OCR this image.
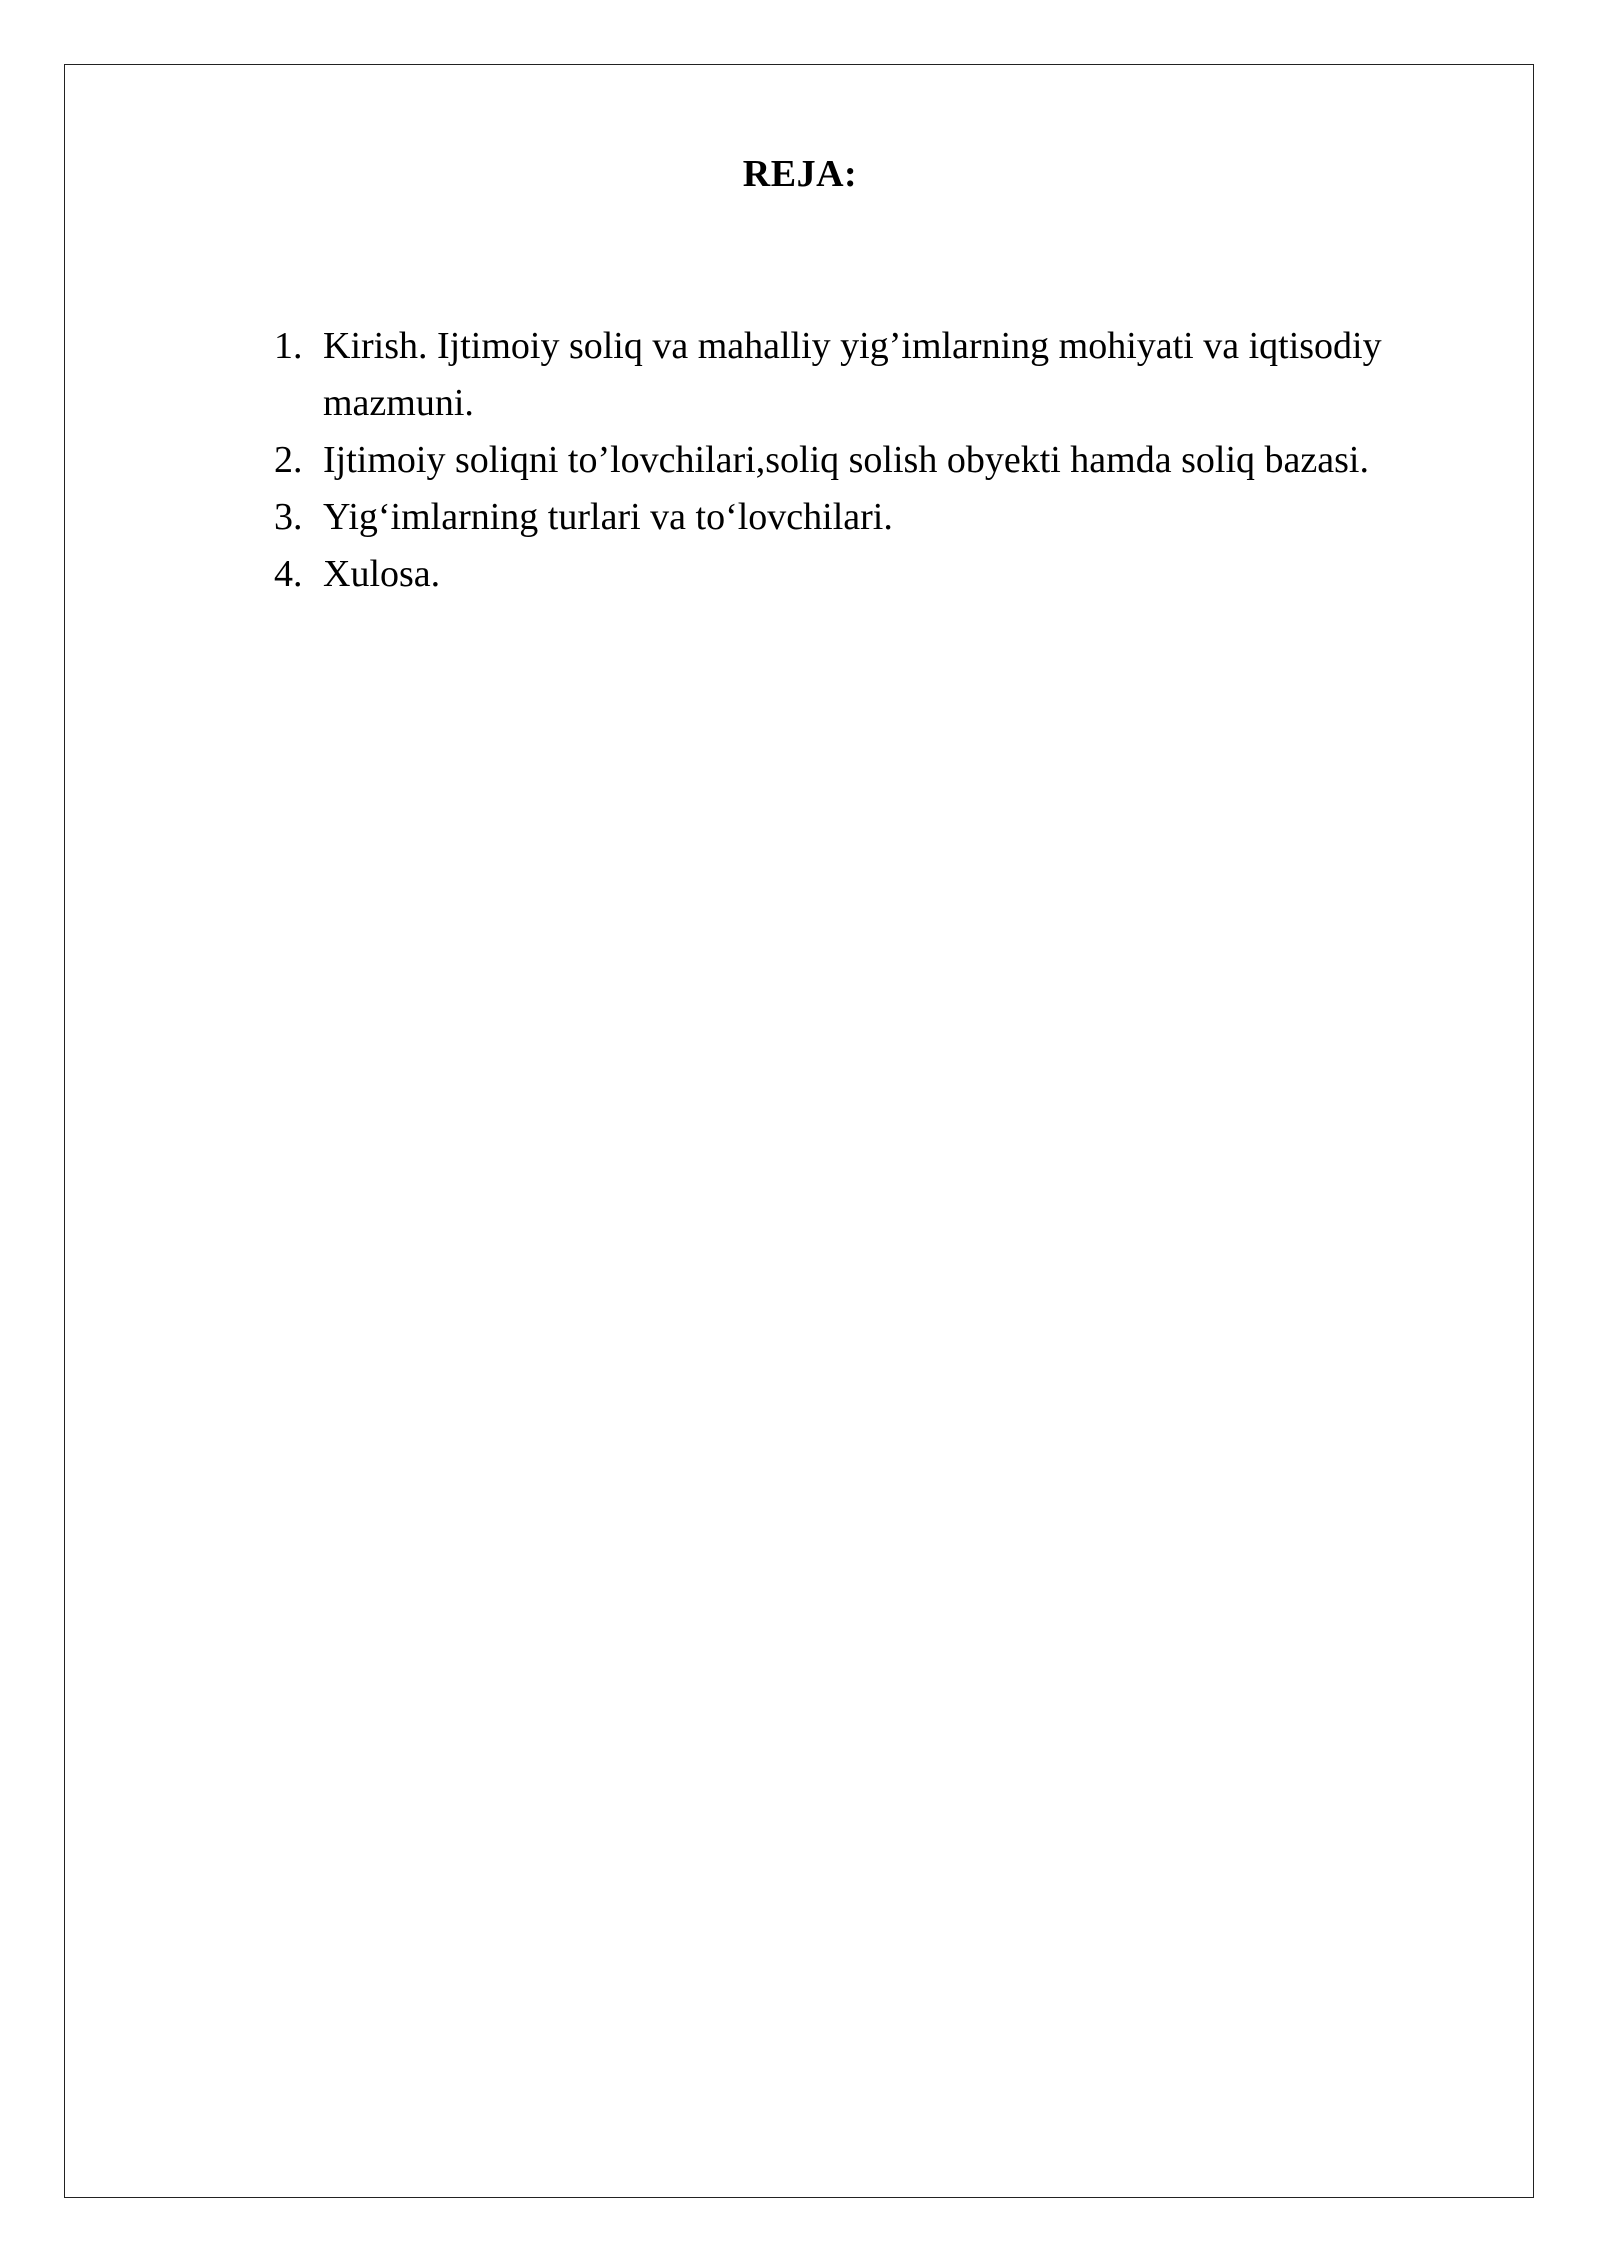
REJA:
1. Kirish. Ijtimoiy soliq va mahalliy yig’imlarning mohiyati va iqtisodiy mazmuni.
2. Ijtimoiy soliqni to’lovchilari,soliq solish obyekti hamda soliq bazasi.
3. Yig‘imlarning turlari va to‘lovchilari.
4. Xulosa.
